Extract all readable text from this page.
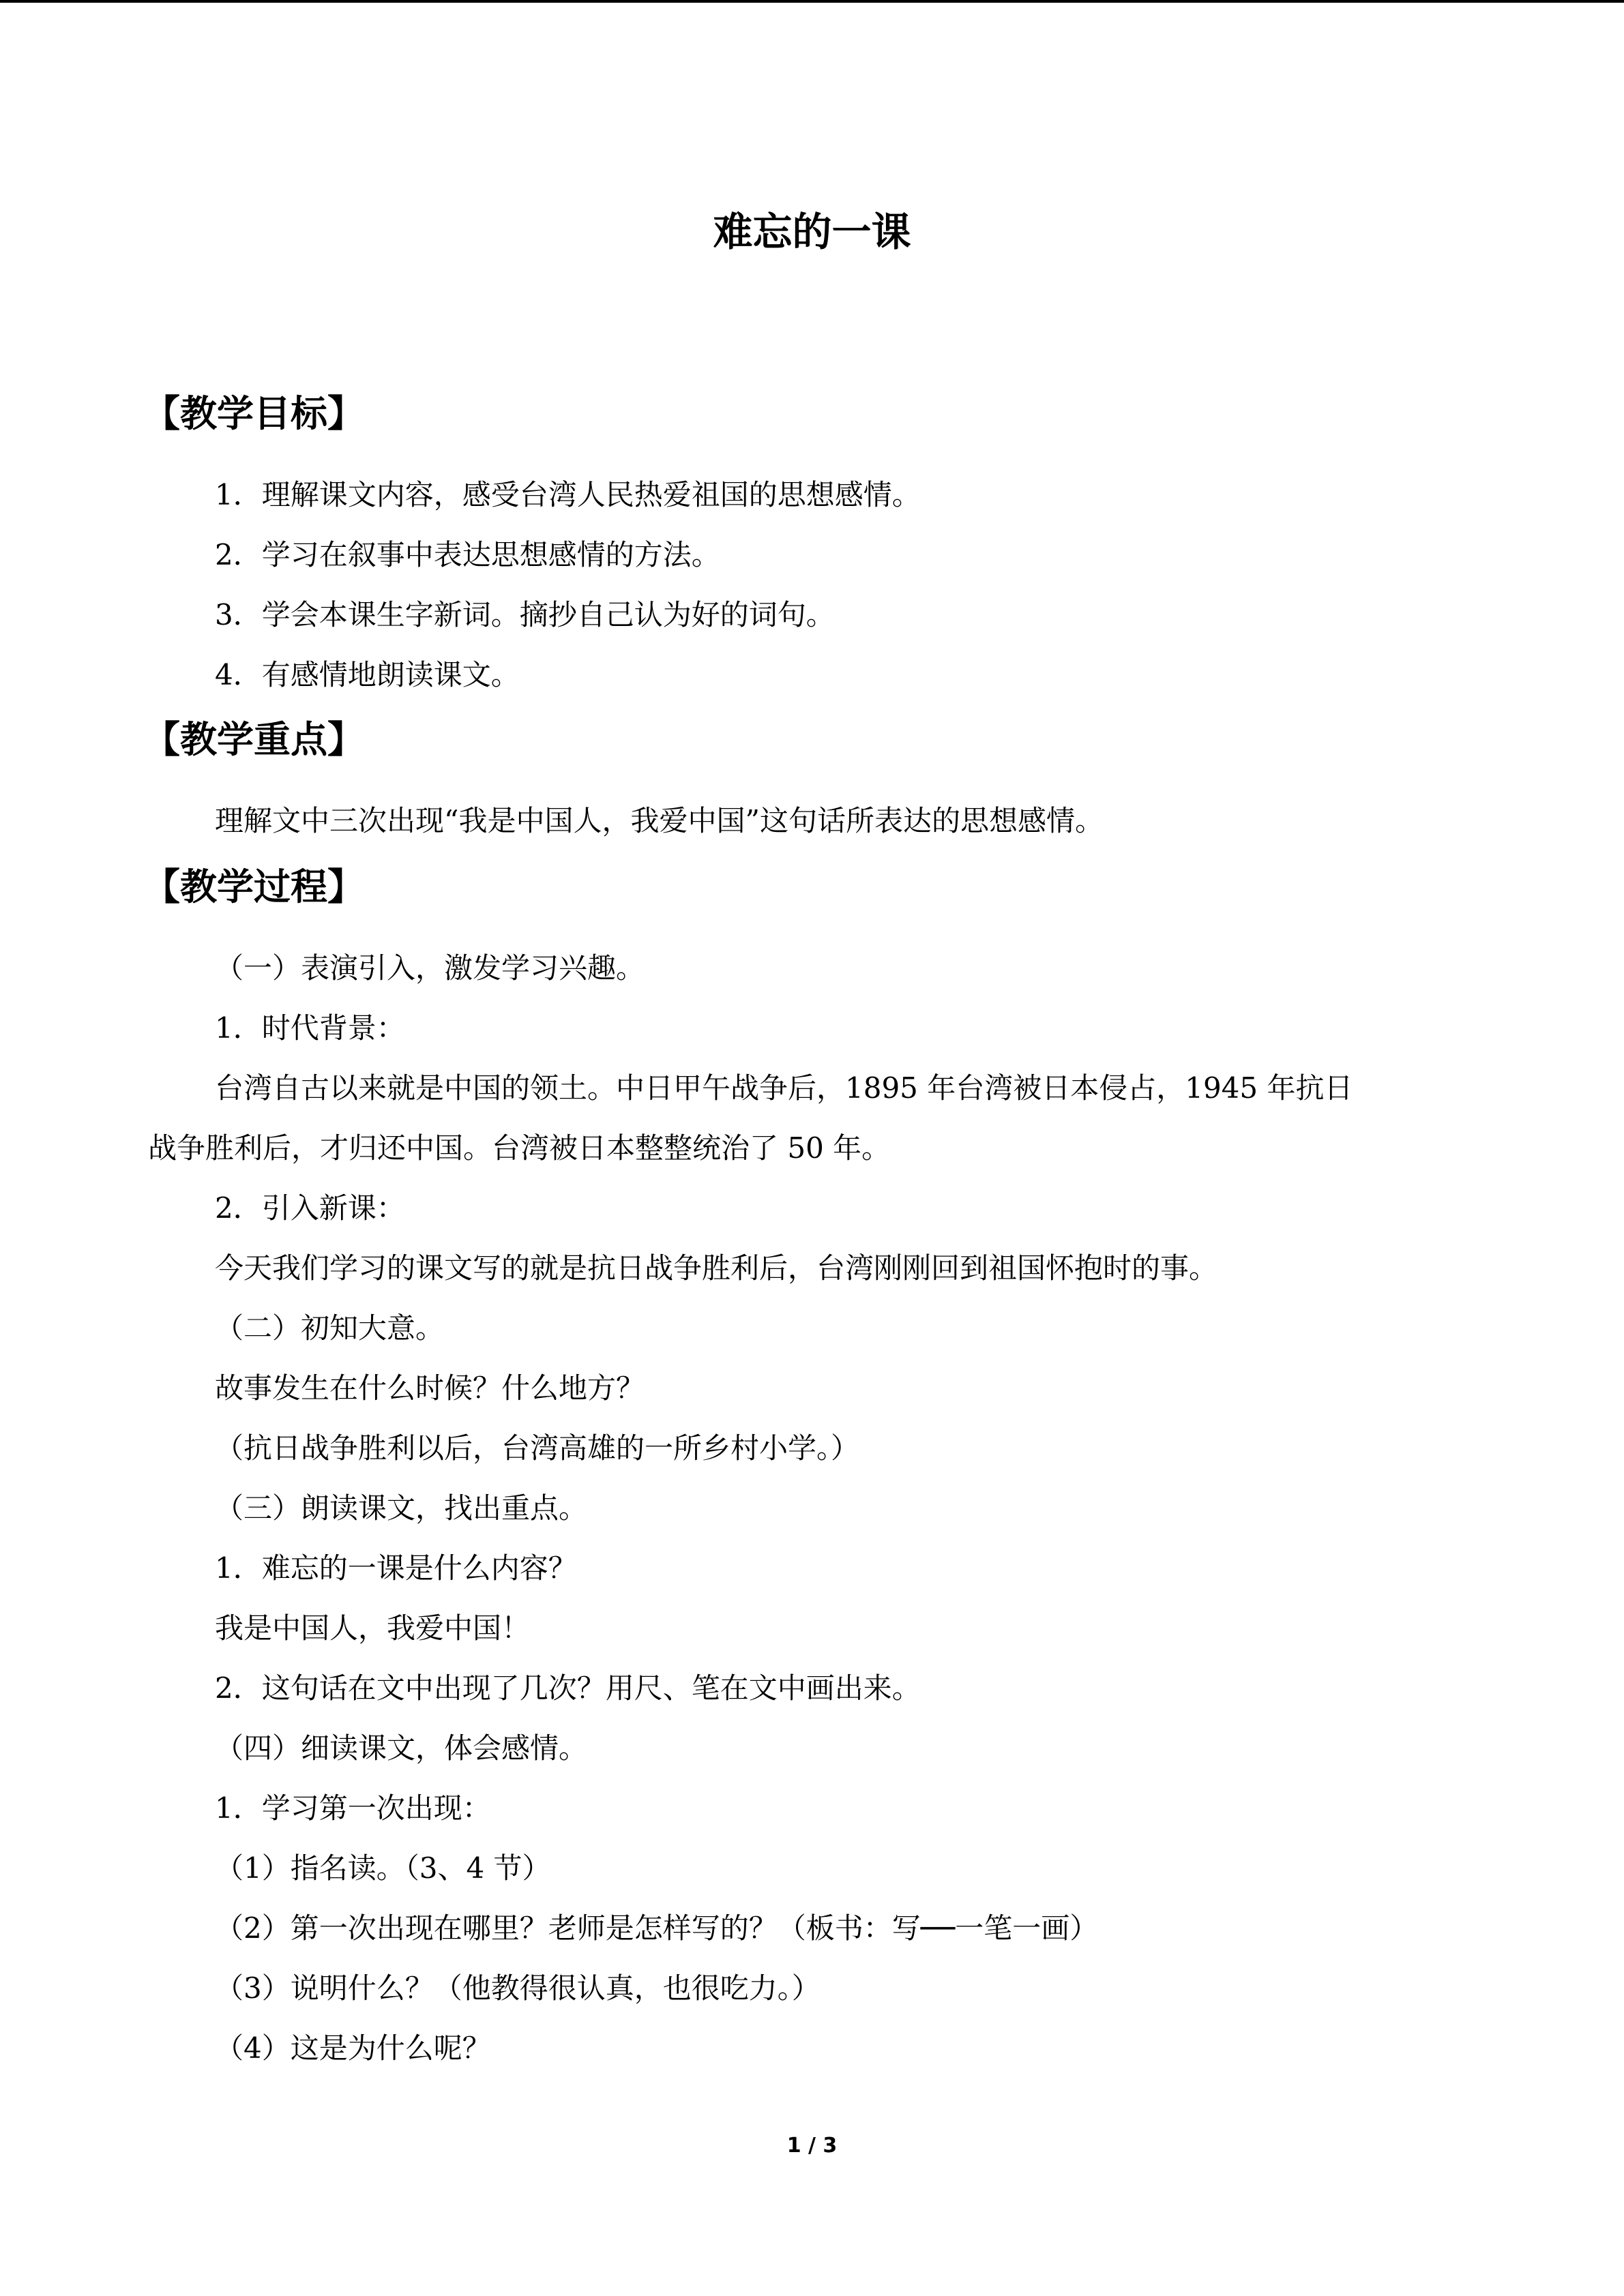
难忘的一课
【教学目标】
1．理解课文内容，感受台湾人民热爱祖国的思想感情。
2．学习在叙事中表达思想感情的方法。
3．学会本课生字新词。摘抄自己认为好的词句。
4．有感情地朗读课文。
【教学重点】
理解文中三次出现“我是中国人，我爱中国”这句话所表达的思想感情。
【教学过程】
（一）表演引入，激发学习兴趣。
1．时代背景：
台湾自古以来就是中国的领土。中日甲午战争后，1895 年台湾被日本侵占，1945 年抗日
战争胜利后，才归还中国。台湾被日本整整统治了 50 年。
2．引入新课：
今天我们学习的课文写的就是抗日战争胜利后，台湾刚刚回到祖国怀抱时的事。
（二）初知大意。
故事发生在什么时候？什么地方？
（抗日战争胜利以后，台湾高雄的一所乡村小学。）
（三）朗读课文，找出重点。
1．难忘的一课是什么内容？
我是中国人，我爱中国！
2．这句话在文中出现了几次？用尺、笔在文中画出来。
（四）细读课文，体会感情。
1．学习第一次出现：
（1）指名读。（3、4 节）
（2）第一次出现在哪里？老师是怎样写的？（板书：写──一笔一画）
（3）说明什么？（他教得很认真，也很吃力。）
（4）这是为什么呢？
1 / 3
